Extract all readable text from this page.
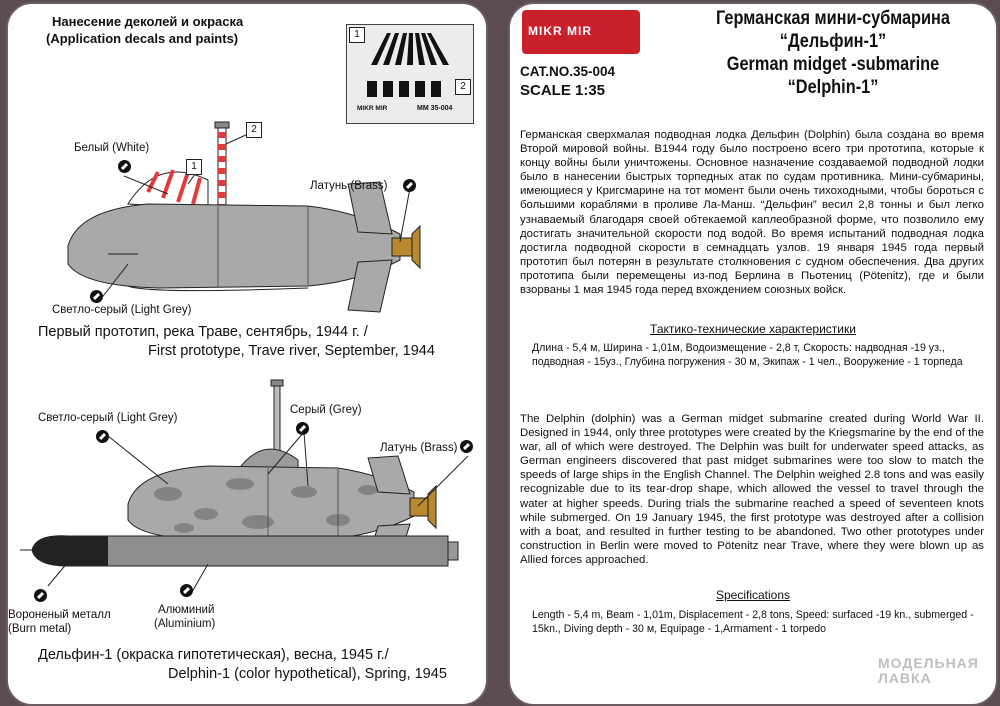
Нанесение деколей и окраска
(Application decals and paints)	1
2
MIKR MIR	MM 35-004
1
2
Белый (White)
Латунь (Brass)
Светло-серый (Light Grey)
Первый прототип, река Траве, сентябрь, 1944 г. /
First prototype, Trave river, September, 1944
Светло-серый (Light Grey)
Серый (Grey)
Латунь (Brass)
Вороненый металл
(Burn metal)
Алюминий
(Aluminium)
Дельфин-1 (окраска гипотетическая), весна, 1945 г./
Delphin-1 (color hypothetical), Spring, 1945
MIKR MIR
Германская мини-субмарина
“Дельфин-1”
German midget -submarine
“Delphin-1”
CAT.NO.35-004
SCALE 1:35
Германская сверхмалая подводная лодка Дельфин (Dolphin) была создана во время Второй мировой войны. В1944 году было построено всего три прототипа, которые к концу войны были уничтожены. Основное назначение создаваемой подводной лодки было в нанесении быстрых торпедных атак по судам противника. Мини-субмарины, имеющиеся у Кригсмарине на тот момент были очень тихоходными, чтобы бороться с большими кораблями в проливе Ла-Манш. “Дельфин” весил 2,8 тонны и был легко узнаваемый благодаря своей обтекаемой каплеобразной форме, что позволило ему достигать значительной скорости под водой. Во время испытаний подводная лодка достигла подводной скорости в семнадцать узлов. 19 января 1945 года первый прототип был потерян в результате столкновения с судном обеспечения. Два других прототипа были перемещены из-под Берлина в Пьотениц (Pötenitz), где и были взорваны 1 мая 1945 года перед вхождением союзных войск.
Тактико-технические характеристики
Длина - 5,4 м, Ширина - 1,01м, Водоизмещение - 2,8 т, Скорость: надводная -19 уз., подводная - 15уз., Глубина погружения - 30 м, Экипаж - 1 чел., Вооружение - 1 торпеда
The Delphin (dolphin) was a German midget submarine created during World War II. Designed in 1944, only three prototypes were created by the Kriegsmarine by the end of the war, all of which were destroyed. The Delphin was built for underwater speed attacks, as German engineers discovered that past midget submarines were too slow to match the speeds of large ships in the English Channel. The Delphin weighed 2.8 tons and was easily recognizable due to its tear-drop shape, which allowed the vessel to travel through the water at higher speeds. During trials the submarine reached a speed of seventeen knots while submerged. On 19 January 1945, the first prototype was destroyed after a collision with a boat, and resulted in further testing to be abandoned. Two other prototypes under construction in Berlin were moved to Pötenitz near Trave, where they were blown up as Allied forces approached.
Specifications
Length - 5,4 m, Beam - 1,01m, Displacement - 2,8 tons, Speed: surfaced -19 kn., submerged - 15kn., Diving depth - 30 м, Equipage - 1,Armament - 1 torpedo
МОДЕЛЬНАЯ
ЛАВКА
